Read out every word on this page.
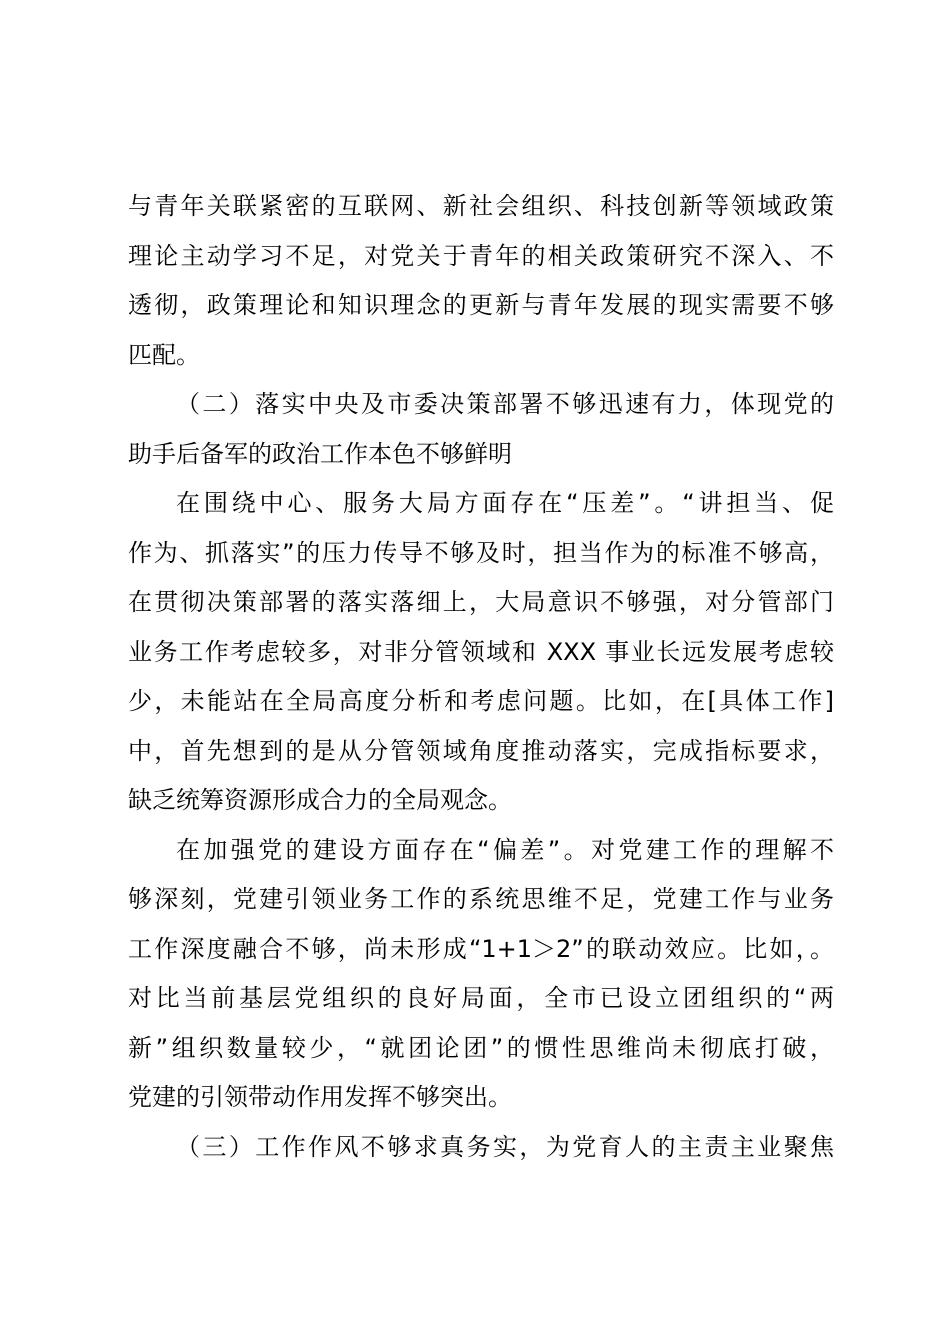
与青年关联紧密的互联网、新社会组织、科技创新等领域政策
理论主动学习不足，对党关于青年的相关政策研究不深入、不
透彻，政策理论和知识理念的更新与青年发展的现实需要不够
匹配。
（二）落实中央及市委决策部署不够迅速有力，体现党的
助手后备军的政治工作本色不够鲜明
在围绕中心、服务大局方面存在“压差”。“讲担当、促
作为、抓落实”的压力传导不够及时，担当作为的标准不够高，
在贯彻决策部署的落实落细上，大局意识不够强，对分管部门
业务工作考虑较多，对非分管领域和 XXX 事业长远发展考虑较
少，未能站在全局高度分析和考虑问题。比如，在[具体工作]
中，首先想到的是从分管领域角度推动落实，完成指标要求，
缺乏统筹资源形成合力的全局观念。
在加强党的建设方面存在“偏差”。对党建工作的理解不
够深刻，党建引领业务工作的系统思维不足，党建工作与业务
工作深度融合不够，尚未形成“1+1＞2”的联动效应。比如，。
对比当前基层党组织的良好局面，全市已设立团组织的“两
新”组织数量较少，“就团论团”的惯性思维尚未彻底打破，
党建的引领带动作用发挥不够突出。
（三）工作作风不够求真务实，为党育人的主责主业聚焦
